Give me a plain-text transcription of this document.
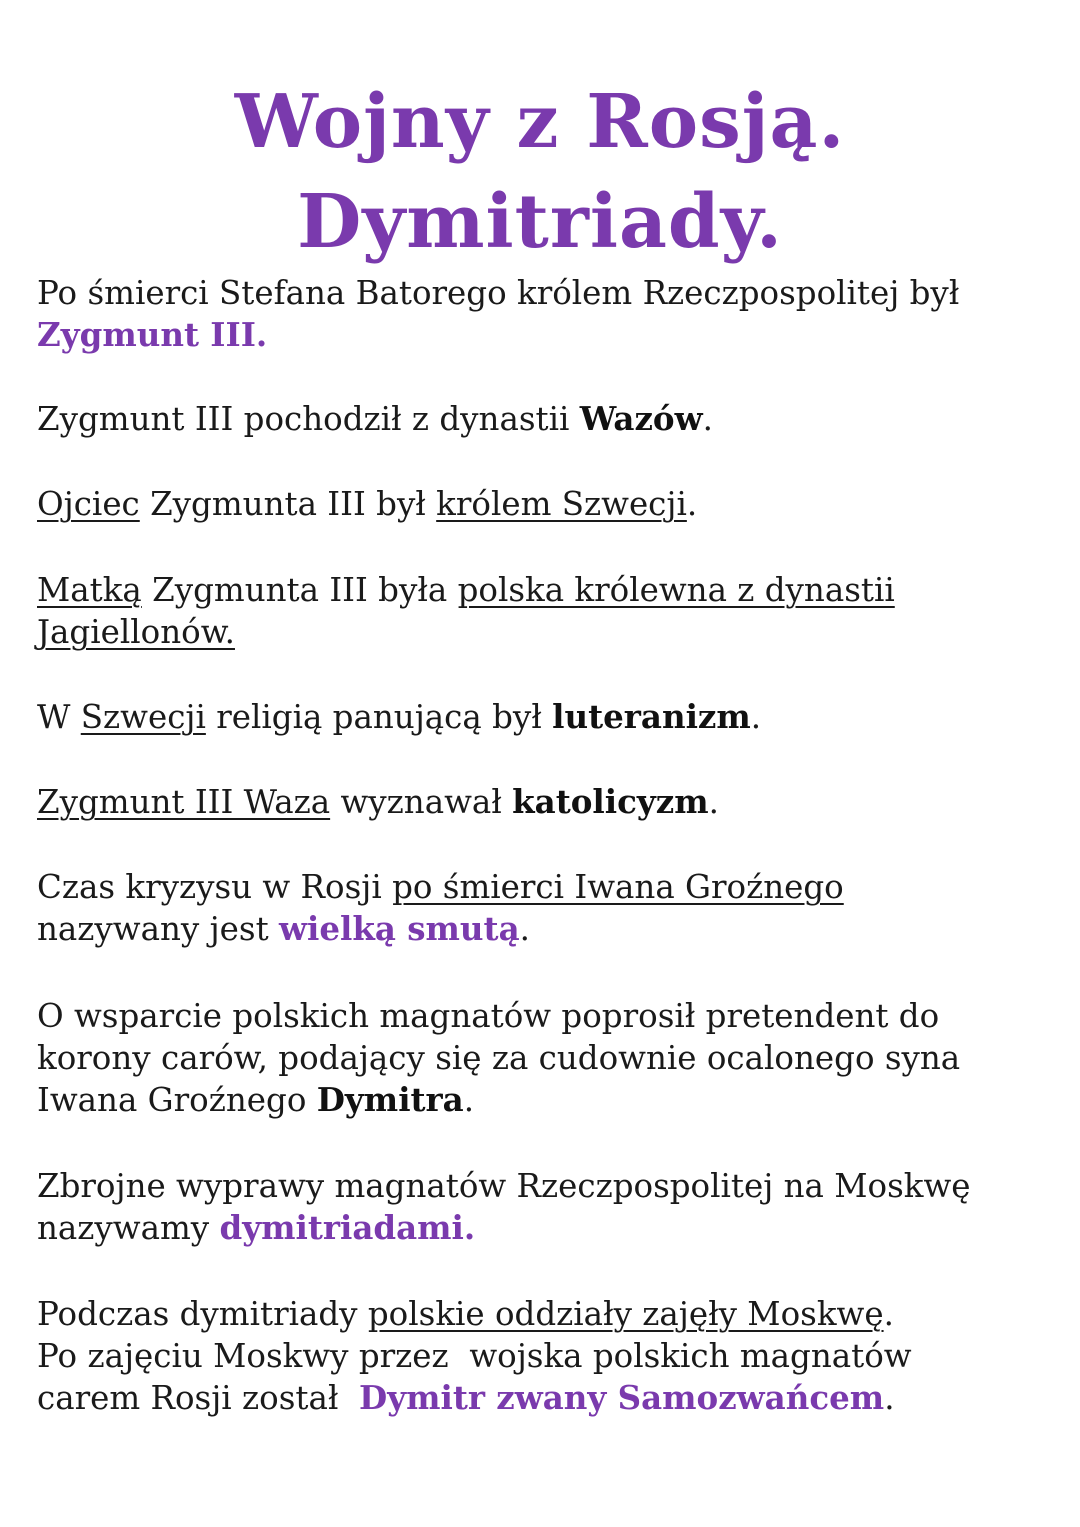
Wojny z Rosją.
Dymitriady.

Po śmierci Stefana Batorego królem Rzeczpospolitej był
Zygmunt III.

Zygmunt III pochodził z dynastii Wazów.

Ojciec Zygmunta III był królem Szwecji.

Matką Zygmunta III była polska królewna z dynastii
Jagiellonów.

W Szwecji religią panującą był luteranizm.

Zygmunt III Waza wyznawał katolicyzm.

Czas kryzysu w Rosji po śmierci Iwana Groźnego
nazywany jest wielką smutą.

O wsparcie polskich magnatów poprosił pretendent do
korony carów, podający się za cudownie ocalonego syna
Iwana Groźnego Dymitra.

Zbrojne wyprawy magnatów Rzeczpospolitej na Moskwę
nazywamy dymitriadami.

Podczas dymitriady polskie oddziały zajęły Moskwę.
Po zajęciu Moskwy przez  wojska polskich magnatów
carem Rosji został  Dymitr zwany Samozwańcem.
